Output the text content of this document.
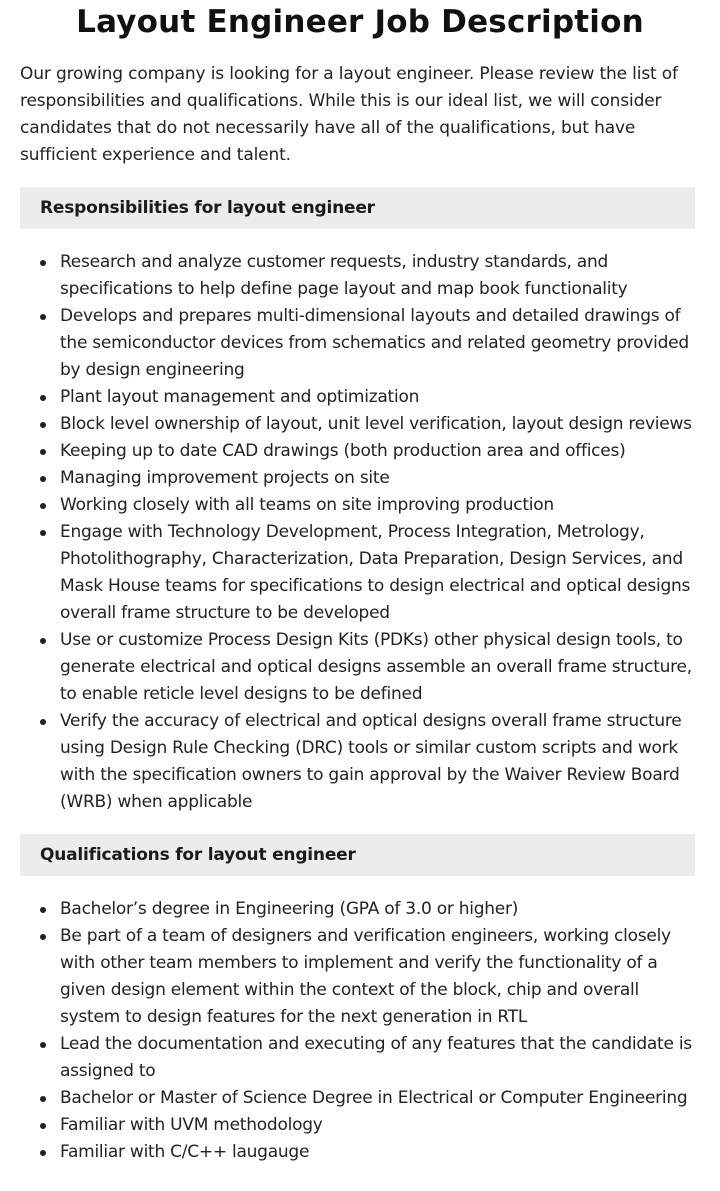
Layout Engineer Job Description

Our growing company is looking for a layout engineer. Please review the list of responsibilities and qualifications. While this is our ideal list, we will consider candidates that do not necessarily have all of the qualifications, but have sufficient experience and talent.

Responsibilities for layout engineer
Research and analyze customer requests, industry standards, and specifications to help define page layout and map book functionality
Develops and prepares multi-dimensional layouts and detailed drawings of the semiconductor devices from schematics and related geometry provided by design engineering
Plant layout management and optimization
Block level ownership of layout, unit level verification, layout design reviews
Keeping up to date CAD drawings (both production area and offices)
Managing improvement projects on site
Working closely with all teams on site improving production
Engage with Technology Development, Process Integration, Metrology, Photolithography, Characterization, Data Preparation, Design Services, and Mask House teams for specifications to design electrical and optical designs overall frame structure to be developed
Use or customize Process Design Kits (PDKs) other physical design tools, to generate electrical and optical designs assemble an overall frame structure, to enable reticle level designs to be defined
Verify the accuracy of electrical and optical designs overall frame structure using Design Rule Checking (DRC) tools or similar custom scripts and work with the specification owners to gain approval by the Waiver Review Board (WRB) when applicable
Qualifications for layout engineer
Bachelor’s degree in Engineering (GPA of 3.0 or higher)
Be part of a team of designers and verification engineers, working closely with other team members to implement and verify the functionality of a given design element within the context of the block, chip and overall system to design features for the next generation in RTL
Lead the documentation and executing of any features that the candidate is assigned to
Bachelor or Master of Science Degree in Electrical or Computer Engineering
Familiar with UVM methodology
Familiar with C/C++ laugauge
